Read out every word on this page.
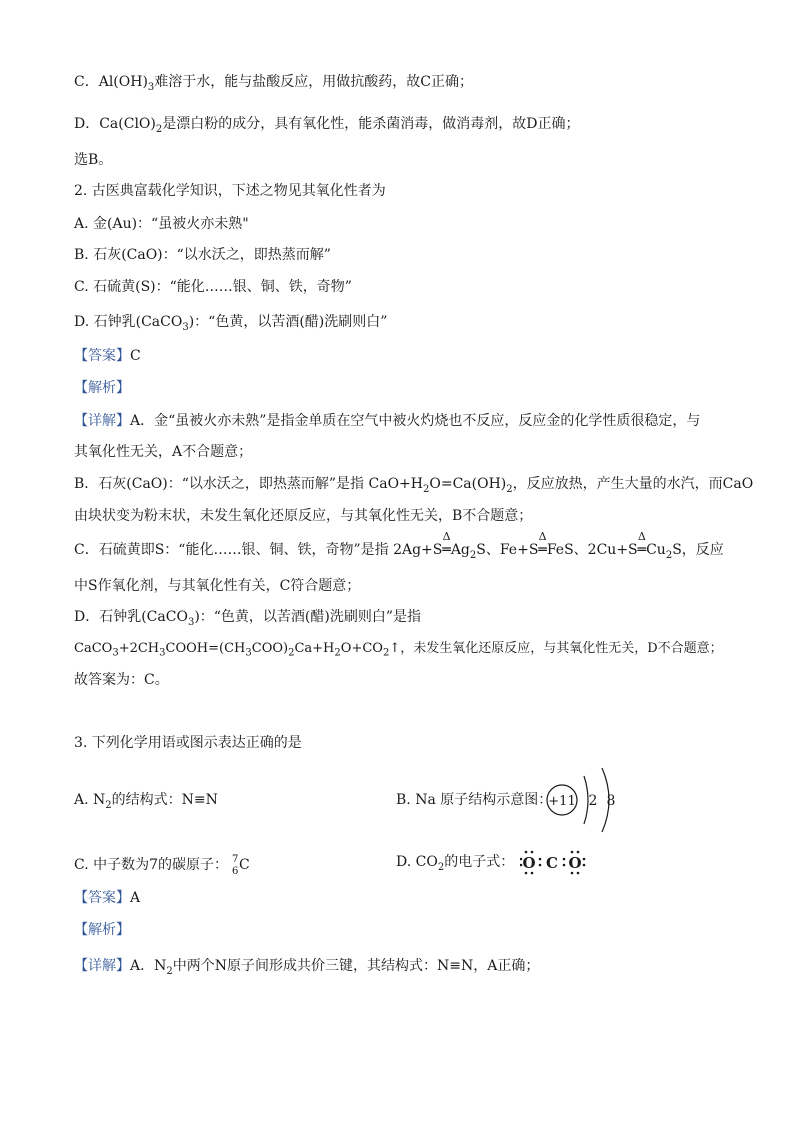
C．$Al(OH)_3$难溶于水，能与盐酸反应，用做抗酸药，故C正确；
D．$Ca(ClO)_2$是漂白粉的成分，具有氧化性，能杀菌消毒，做消毒剂，故D正确；
选B。
2. 古医典富载化学知识，下述之物见其氧化性者为
A. 金(Au)：“虽被火亦未熟"
B. 石灰(CaO)：“以水沃之，即热蒸而解”
C. 石硫黄(S)：“能化……银、铜、铁，奇物”
D. 石钟乳(CaCO$_3$)：“色黄，以苦酒(醋)洗刷则白”
【答案】C
【解析】
【详解】A．金“虽被火亦未熟”是指金单质在空气中被火灼烧也不反应，反应金的化学性质很稳定，与
其氧化性无关，A不合题意；
B．石灰(CaO)：“以水沃之，即热蒸而解”是指 $CaO+H_2O=Ca(OH)_2$，反应放热，产生大量的水汽，而CaO
由块状变为粉末状，未发生氧化还原反应，与其氧化性无关，B不合题意；
C．石硫黄即S：“能化……银、铜、铁，奇物”是指 2Ag+S
Δ
$═Ag_2S$、Fe+S
Δ
═FeS、2Cu+S
Δ
$═Cu_2S$，反应
中S作氧化剂，与其氧化性有关，C符合题意；
D．石钟乳(CaCO$_3$)：“色黄，以苦酒(醋)洗刷则白”是指
$CaCO_3+2CH_3COOH=(CH_3COO)_2Ca+H_2O+CO_2↑$，未发生氧化还原反应，与其氧化性无关，D不合题意；
故答案为：C。
3. 下列化学用语或图示表达正确的是
A. $N_2$的结构式：N≡N	B. Na 原子结构示意图：
+11 2 8
C. 中子数为7的碳原子： 7
6 C	D. $CO_2$的电子式： O C O
【答案】A
【解析】
【详解】A．$N_2$中两个N原子间形成共价三键，其结构式：N≡N，A正确；
